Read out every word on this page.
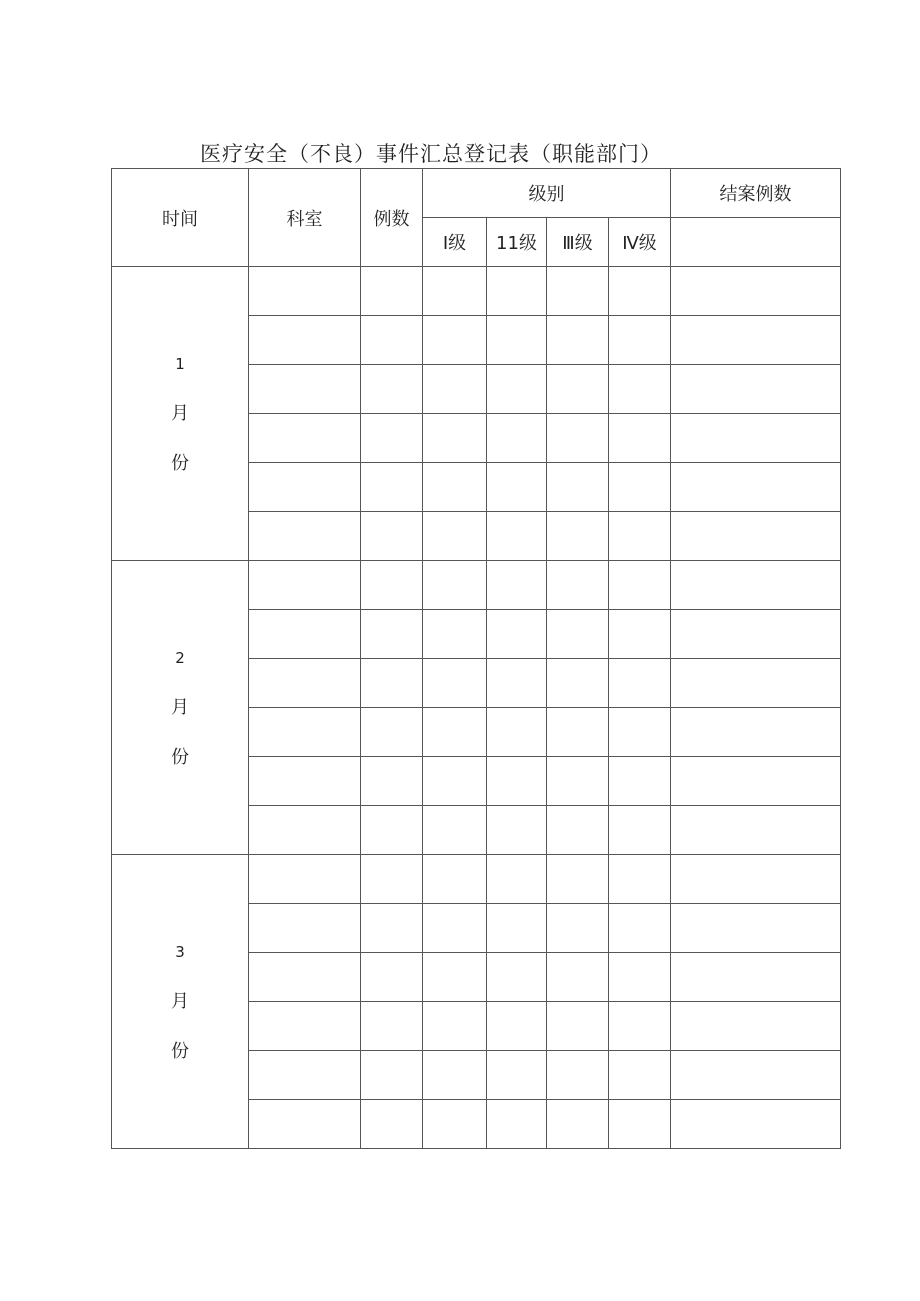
医疗安全（不良）事件汇总登记表（职能部门）
时间	科室	例数	级别				结案例数
			Ⅰ级	11级	Ⅲ级	Ⅳ级	

1
月
份							

2
月
份							

3
月
份							
